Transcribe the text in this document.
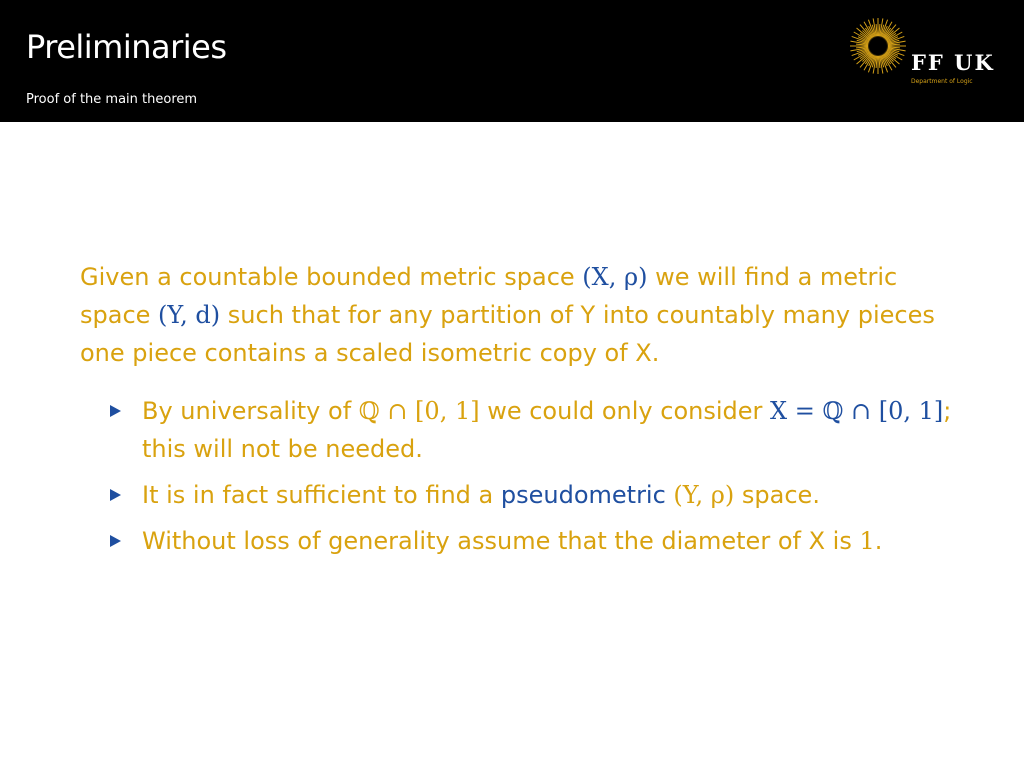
Preliminaries
Proof of the main theorem
FF UK
Department of Logic

Given a countable bounded metric space (X, ρ) we will find a metric space (Y, d) such that for any partition of Y into countably many pieces one piece contains a scaled isometric copy of X.

By universality of ℚ ∩ [0, 1] we could only consider X = ℚ ∩ [0, 1]; this will not be needed.
It is in fact sufficient to find a pseudometric (Y, ρ) space.
Without loss of generality assume that the diameter of X is 1.
